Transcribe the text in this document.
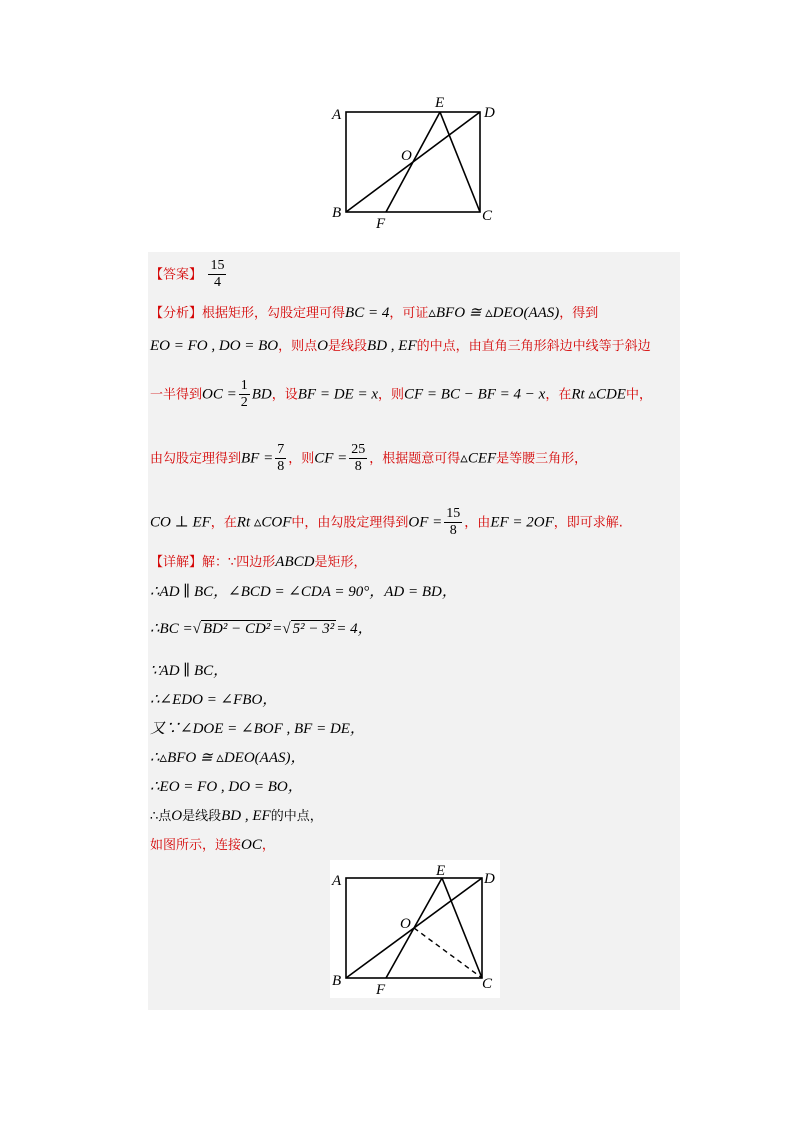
A
B	C
D
E
F
O
【答案】 $\frac{15}{4}$
【分析】根据矩形，勾股定理可得BC = 4，可证▵BFO ≅ ▵DEO(AAS)，得到
EO = FO , DO = BO，则点O是线段BD , EF的中点，由直角三角形斜边中线等于斜边
一半得到OC = $\frac{1}{2}$ BD，设BF = DE = x，则CF = BC − BF = 4 − x，在Rt ▵CDE中，
由勾股定理得到BF = $\frac{7}{8}$ ，则CF = $\frac{25}{8}$ ，根据题意可得▵CEF是等腰三角形，
CO ⊥ EF，在Rt ▵COF中，由勾股定理得到OF = $\frac{15}{8}$ ，由EF = 2OF，即可求解.
【详解】解：∵四边形ABCD是矩形，
∴AD ∥ BC，∠BCD = ∠CDA = 90°，AD = BD，
∴BC =√ BD² − CD² =√ 5² − 3² = 4，
∵AD ∥ BC，
∴∠EDO = ∠FBO，
又∵∠DOE = ∠BOF , BF = DE，
∴▵BFO ≅ ▵DEO(AAS)，
∴EO = FO , DO = BO，
∴点O是线段BD , EF的中点，
如图所示，连接OC，
A
B	C
D
E
F
O
